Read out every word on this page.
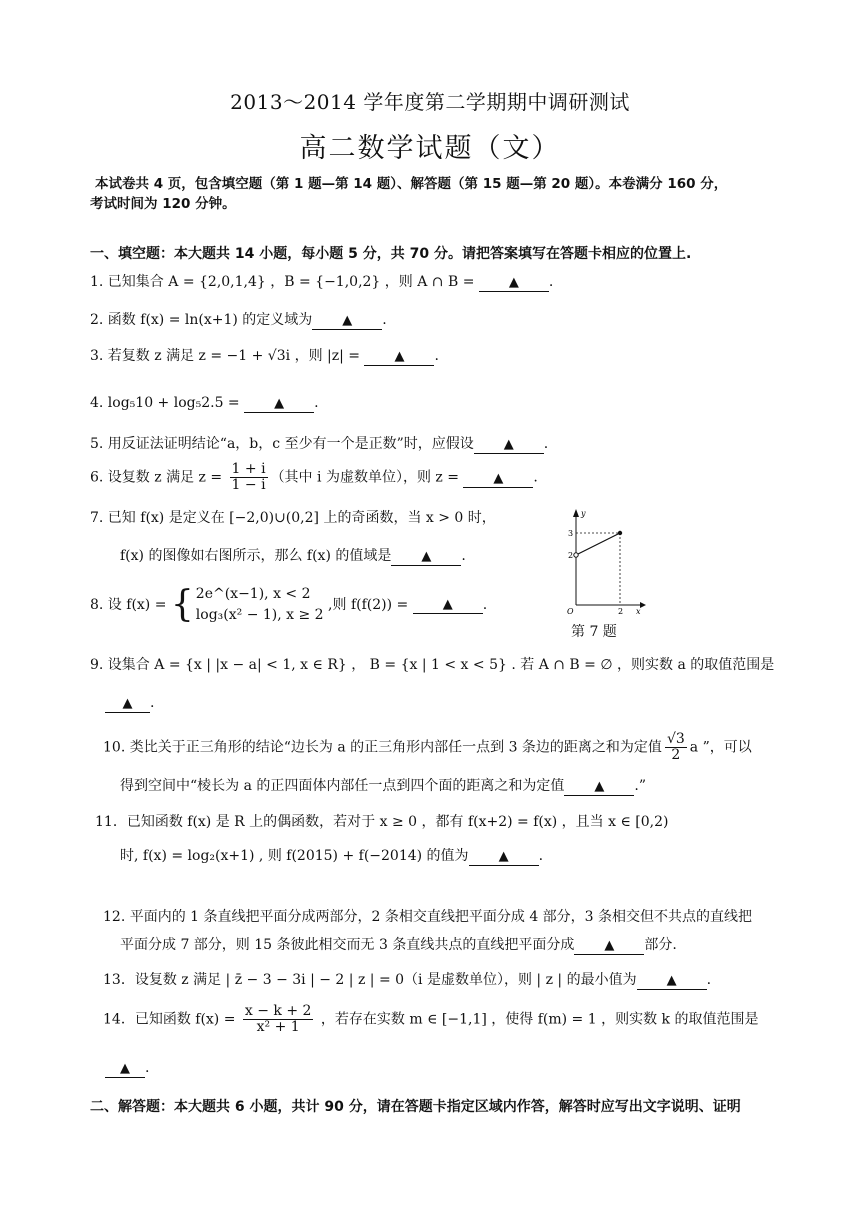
2013～2014 学年度第二学期期中调研测试
高二数学试题（文）
本试卷共 4 页，包含填空题（第 1 题—第 14 题）、解答题（第 15 题—第 20 题）。本卷满分 160 分，
考试时间为 120 分钟。
一、填空题：本大题共 14 小题，每小题 5 分，共 70 分。请把答案填写在答题卡相应的位置上.
1. 已知集合 A = {2,0,1,4} ，B = {−1,0,2} ，则 A ∩ B = ▲ .
2. 函数 f(x) = ln(x+1) 的定义域为 ▲ .
3. 若复数 z 满足 z = −1 + √3i ，则 |z| = ▲ .
4. log₅10 + log₅2.5 = ▲ .
5. 用反证法证明结论“a，b，c 至少有一个是正数”时，应假设 ▲ .
6. 设复数 z 满足 $z = \frac{1 + i}{1 - i}$ （其中 i 为虚数单位），则 z = ▲ .
7. 已知 f(x) 是定义在 [−2,0)∪(0,2] 上的奇函数，当 x > 0 时，
f(x) 的图像如右图所示，那么 f(x) 的值域是 ▲ .
y
x
O	2
3
2
第 7 题
8. 设 f(x) = { 2e^(x−1), x < 2
log₃(x² − 1), x ≥ 2
,则 f(f(2)) = ▲ .
9. 设集合 A = {x | |x − a| < 1, x ∈ R} ， B = {x | 1 < x < 5} . 若 A ∩ B = ∅ ，则实数 a 的取值范围是
▲ .
10. 类比关于正三角形的结论“边长为 a 的正三角形内部任一点到 3 条边的距离之和为定值 $\frac{√3}{2}$ a ”，可以
得到空间中“棱长为 a 的正四面体内部任一点到四个面的距离之和为定值 ▲ .”
11．已知函数 f(x) 是 R 上的偶函数，若对于 x ≥ 0 ，都有 f(x+2) = f(x) ，且当 x ∈ [0,2)
时, f(x) = log₂(x+1) , 则 f(2015) + f(−2014) 的值为 ▲ .
12. 平面内的 1 条直线把平面分成两部分，2 条相交直线把平面分成 4 部分，3 条相交但不共点的直线把
平面分成 7 部分，则 15 条彼此相交而无 3 条直线共点的直线把平面分成 ▲ 部分.
13．设复数 z 满足 | z̄ − 3 − 3i | − 2 | z | = 0（i 是虚数单位），则 | z | 的最小值为 ▲ .
14．已知函数 $f(x) = \frac{x - k + 2}{\text{x² + 1}}$ ，若存在实数 m ∈ [−1,1] ，使得 f(m) = 1 ，则实数 k 的取值范围是
▲ .
二、解答题：本大题共 6 小题，共计 90 分，请在答题卡指定区域内作答，解答时应写出文字说明、证明
